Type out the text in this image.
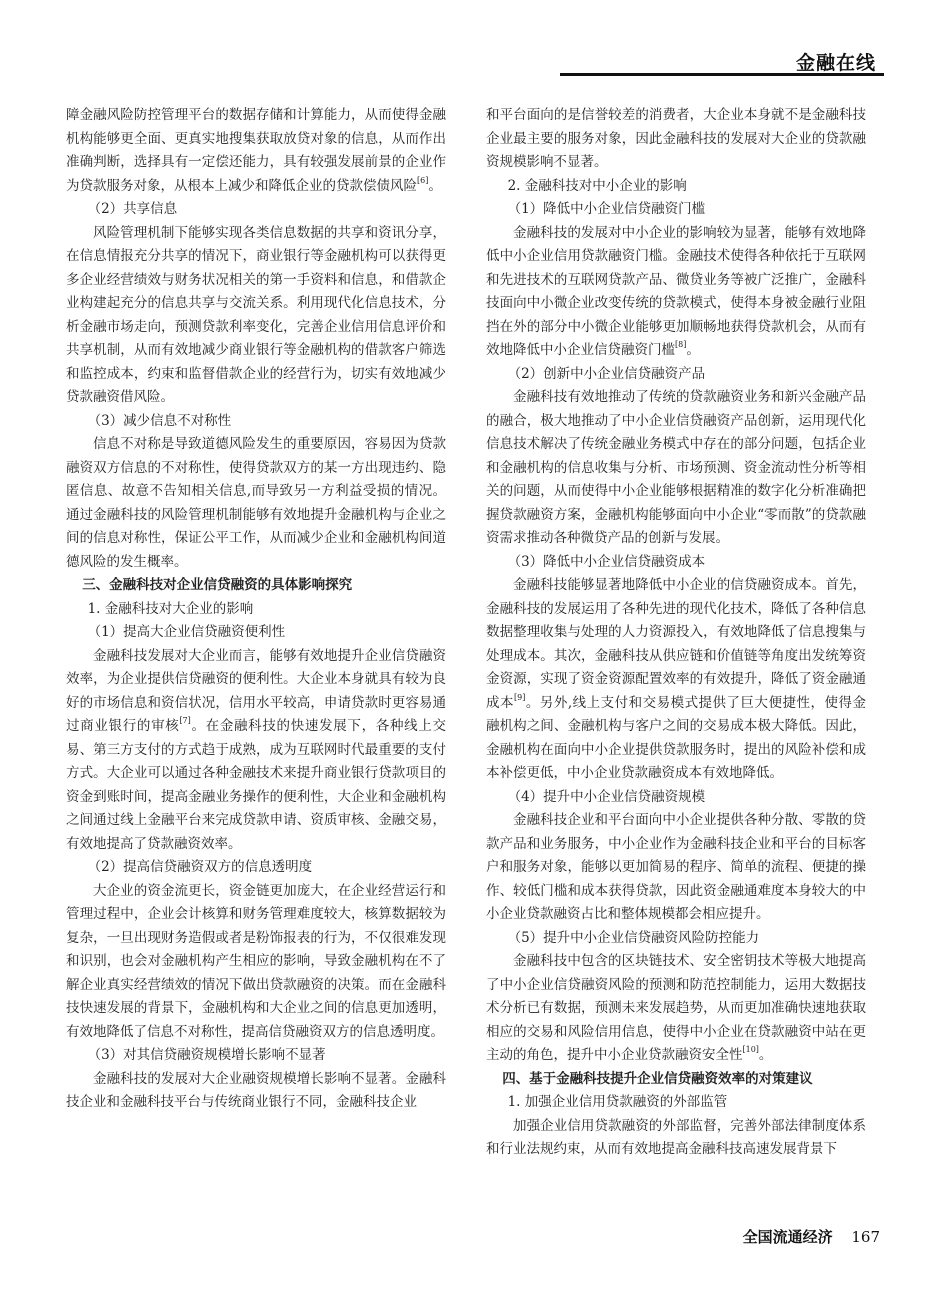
金融在线

障金融风险防控管理平台的数据存储和计算能力，从而使得金融机构能够更全面、更真实地搜集获取放贷对象的信息，从而作出准确判断，选择具有一定偿还能力，具有较强发展前景的企业作为贷款服务对象，从根本上减少和降低企业的贷款偿债风险[6]。

（2）共享信息

风险管理机制下能够实现各类信息数据的共享和资讯分享，在信息情报充分共享的情况下，商业银行等金融机构可以获得更多企业经营绩效与财务状况相关的第一手资料和信息，和借款企业构建起充分的信息共享与交流关系。利用现代化信息技术，分析金融市场走向，预测贷款利率变化，完善企业信用信息评价和共享机制，从而有效地减少商业银行等金融机构的借款客户筛选和监控成本，约束和监督借款企业的经营行为，切实有效地减少贷款融资借风险。

（3）减少信息不对称性

信息不对称是导致道德风险发生的重要原因，容易因为贷款融资双方信息的不对称性，使得贷款双方的某一方出现违约、隐匿信息、故意不告知相关信息,而导致另一方利益受损的情况。通过金融科技的风险管理机制能够有效地提升金融机构与企业之间的信息对称性，保证公平工作，从而减少企业和金融机构间道德风险的发生概率。

三、金融科技对企业信贷融资的具体影响探究

1. 金融科技对大企业的影响

（1）提高大企业信贷融资便利性

金融科技发展对大企业而言，能够有效地提升企业信贷融资效率，为企业提供信贷融资的便利性。大企业本身就具有较为良好的市场信息和资信状况，信用水平较高，申请贷款时更容易通过商业银行的审核[7]。在金融科技的快速发展下，各种线上交易、第三方支付的方式趋于成熟，成为互联网时代最重要的支付方式。大企业可以通过各种金融技术来提升商业银行贷款项目的资金到账时间，提高金融业务操作的便利性，大企业和金融机构之间通过线上金融平台来完成贷款申请、资质审核、金融交易，有效地提高了贷款融资效率。

（2）提高信贷融资双方的信息透明度

大企业的资金流更长，资金链更加庞大，在企业经营运行和管理过程中，企业会计核算和财务管理难度较大，核算数据较为复杂，一旦出现财务造假或者是粉饰报表的行为，不仅很难发现和识别，也会对金融机构产生相应的影响，导致金融机构在不了解企业真实经营绩效的情况下做出贷款融资的决策。而在金融科技快速发展的背景下，金融机构和大企业之间的信息更加透明，有效地降低了信息不对称性，提高信贷融资双方的信息透明度。

（3）对其信贷融资规模增长影响不显著

金融科技的发展对大企业融资规模增长影响不显著。金融科技企业和金融科技平台与传统商业银行不同，金融科技企业

和平台面向的是信誉较差的消费者，大企业本身就不是金融科技企业最主要的服务对象，因此金融科技的发展对大企业的贷款融资规模影响不显著。

2. 金融科技对中小企业的影响

（1）降低中小企业信贷融资门槛

金融科技的发展对中小企业的影响较为显著，能够有效地降低中小企业信用贷款融资门槛。金融技术使得各种依托于互联网和先进技术的互联网贷款产品、微贷业务等被广泛推广，金融科技面向中小微企业改变传统的贷款模式，使得本身被金融行业阻挡在外的部分中小微企业能够更加顺畅地获得贷款机会，从而有效地降低中小企业信贷融资门槛[8]。

（2）创新中小企业信贷融资产品

金融科技有效地推动了传统的贷款融资业务和新兴金融产品的融合，极大地推动了中小企业信贷融资产品创新，运用现代化信息技术解决了传统金融业务模式中存在的部分问题，包括企业和金融机构的信息收集与分析、市场预测、资金流动性分析等相关的问题，从而使得中小企业能够根据精准的数字化分析准确把握贷款融资方案，金融机构能够面向中小企业“零而散”的贷款融资需求推动各种微贷产品的创新与发展。

（3）降低中小企业信贷融资成本

金融科技能够显著地降低中小企业的信贷融资成本。首先，金融科技的发展运用了各种先进的现代化技术，降低了各种信息数据整理收集与处理的人力资源投入，有效地降低了信息搜集与处理成本。其次，金融科技从供应链和价值链等角度出发统筹资金资源，实现了资金资源配置效率的有效提升，降低了资金融通成本[9]。另外,线上支付和交易模式提供了巨大便捷性，使得金融机构之间、金融机构与客户之间的交易成本极大降低。因此，金融机构在面向中小企业提供贷款服务时，提出的风险补偿和成本补偿更低，中小企业贷款融资成本有效地降低。

（4）提升中小企业信贷融资规模

金融科技企业和平台面向中小企业提供各种分散、零散的贷款产品和业务服务，中小企业作为金融科技企业和平台的目标客户和服务对象，能够以更加简易的程序、简单的流程、便捷的操作、较低门槛和成本获得贷款，因此资金融通难度本身较大的中小企业贷款融资占比和整体规模都会相应提升。

（5）提升中小企业信贷融资风险防控能力

金融科技中包含的区块链技术、安全密钥技术等极大地提高了中小企业信贷融资风险的预测和防范控制能力，运用大数据技术分析已有数据，预测未来发展趋势，从而更加准确快速地获取相应的交易和风险信用信息，使得中小企业在贷款融资中站在更主动的角色，提升中小企业贷款融资安全性[10]。

四、基于金融科技提升企业信贷融资效率的对策建议

1. 加强企业信用贷款融资的外部监管

加强企业信用贷款融资的外部监督，完善外部法律制度体系和行业法规约束，从而有效地提高金融科技高速发展背景下

全国流通经济 167
